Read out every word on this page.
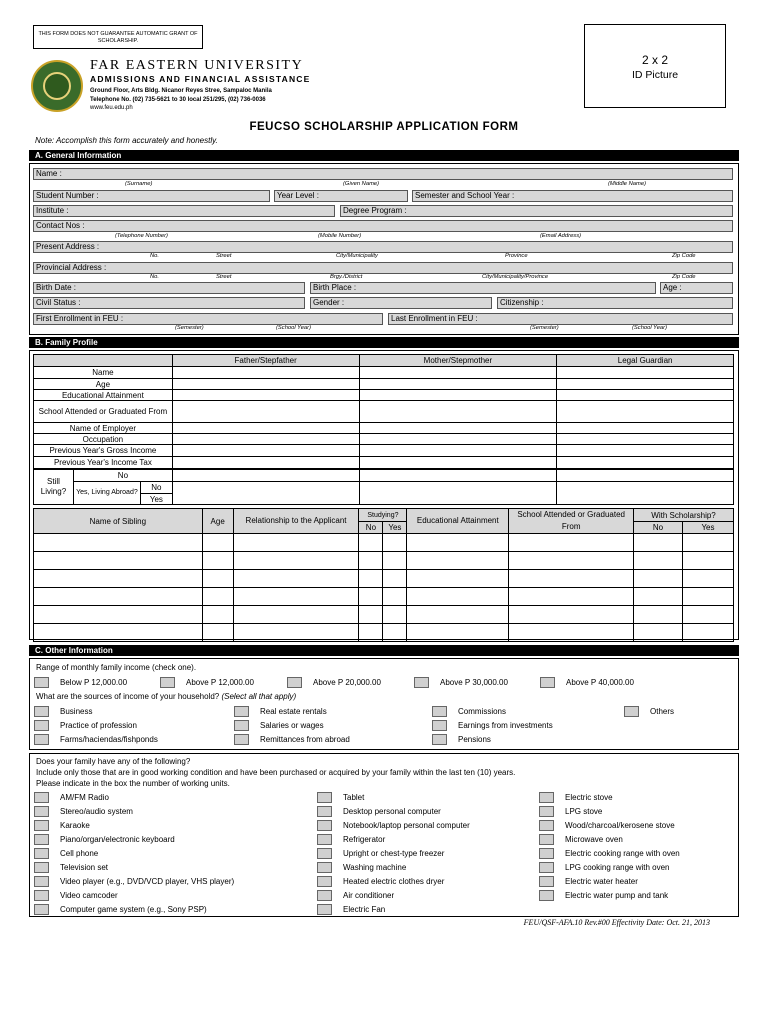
THIS FORM DOES NOT GUARANTEE AUTOMATIC GRANT OF SCHOLARSHIP.
2 x 2
ID Picture
FAR EASTERN UNIVERSITY
ADMISSIONS AND FINANCIAL ASSISTANCE
Ground Floor, Arts Bldg. Nicanor Reyes Stree, Sampaloc Manila
Telephone No. (02) 735-5621 to 30 local 251/295, (02) 736-0036
www.feu.edu.ph
FEUCSO SCHOLARSHIP APPLICATION FORM
Note: Accomplish this form accurately and honestly.
A. General Information
Name :
(Surname)	(Given Name)	(Middle Name)
Student Number :	Year Level :	Semester and School Year :
Institute :	Degree Program :
Contact Nos :
(Telephone Number)	(Mobile Number)	(Email Address)
Present Address :
No.	Street	City/Municipality	Province	Zip Code
Provincial Address :
No.	Street	Brgy./District	City/Municipality/Province	Zip Code
Birth Date :	Birth Place :	Age :
Civil Status :	Gender :	Citizenship :
First Enrollment in FEU :	Last Enrollment in FEU :
(Semester)	(School Year)	(Semester)	(School Year)
B. Family Profile
	Father/Stepfather	Mother/Stepmother	Legal Guardian
Name			
Age			
Educational Attainment			
School Attended or Graduated From			
Name of Employer			
Occupation			
Previous Year's Gross Income			
Previous Year's Income Tax			
Still Living?	No				
	Yes, Living Abroad?	No			
		Yes			
Name of Sibling	Age	Relationship to the Applicant	Studying?		Educational Attainment	School Attended or Graduated From	With Scholarship?	
			No	Yes			No	Yes

C. Other Information
Range of monthly family income (check one).
Below P 12,000.00	Above P 12,000.00	Above P 20,000.00	Above P 30,000.00	Above P 40,000.00
What are the sources of income of your household? (Select all that apply)
Business
Practice of profession
Farms/haciendas/fishponds
Real estate rentals
Salaries or wages
Remittances from abroad
Commissions
Earnings from investments
Pensions
Others
Does your family have any of the following?
Include only those that are in good working condition and have been purchased or acquired by your family within the last ten (10) years.
Please indicate in the box the number of working units.
AM/FM Radio
Stereo/audio system
Karaoke
Piano/organ/electronic keyboard
Cell phone
Television set
Video player (e.g., DVD/VCD player, VHS player)
Video camcoder
Computer game system (e.g., Sony PSP)
Tablet
Desktop personal computer
Notebook/laptop personal computer
Refrigerator
Upright or chest-type freezer
Washing machine
Heated electric clothes dryer
Air conditioner
Electric Fan
Electric stove
LPG stove
Wood/charcoal/kerosene stove
Microwave oven
Electric cooking range with oven
LPG cooking range with oven
Electric water heater
Electric water pump and tank
FEU/QSF-AFA.10 Rev.#00 Effectivity Date: Oct. 21, 2013
